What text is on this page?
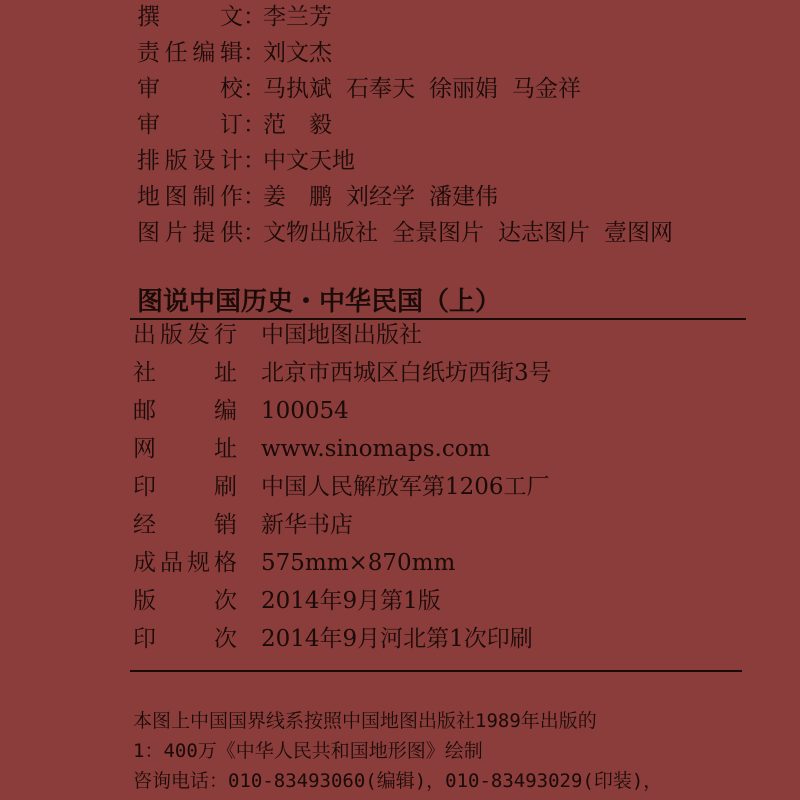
撰文：李兰芳
责任编辑：刘文杰
审校：马执斌 石奉天 徐丽娟 马金祥
审订：范　毅
排版设计：中文天地
地图制作：姜　鹏 刘经学 潘建伟
图片提供：文物出版社 全景图片 达志图片 壹图网
图说中国历史・中华民国（上）
出版发行 中国地图出版社
社址 北京市西城区白纸坊西街3号
邮编 100054
网址 www.sinomaps.com
印刷 中国人民解放军第1206工厂
经销 新华书店
成品规格 575mm×870mm
版次 2014年9月第1版
印次 2014年9月河北第1次印刷
本图上中国国界线系按照中国地图出版社1989年出版的
1：400万《中华人民共和国地形图》绘制
咨询电话：010-83493060(编辑)，010-83493029(印装)，
